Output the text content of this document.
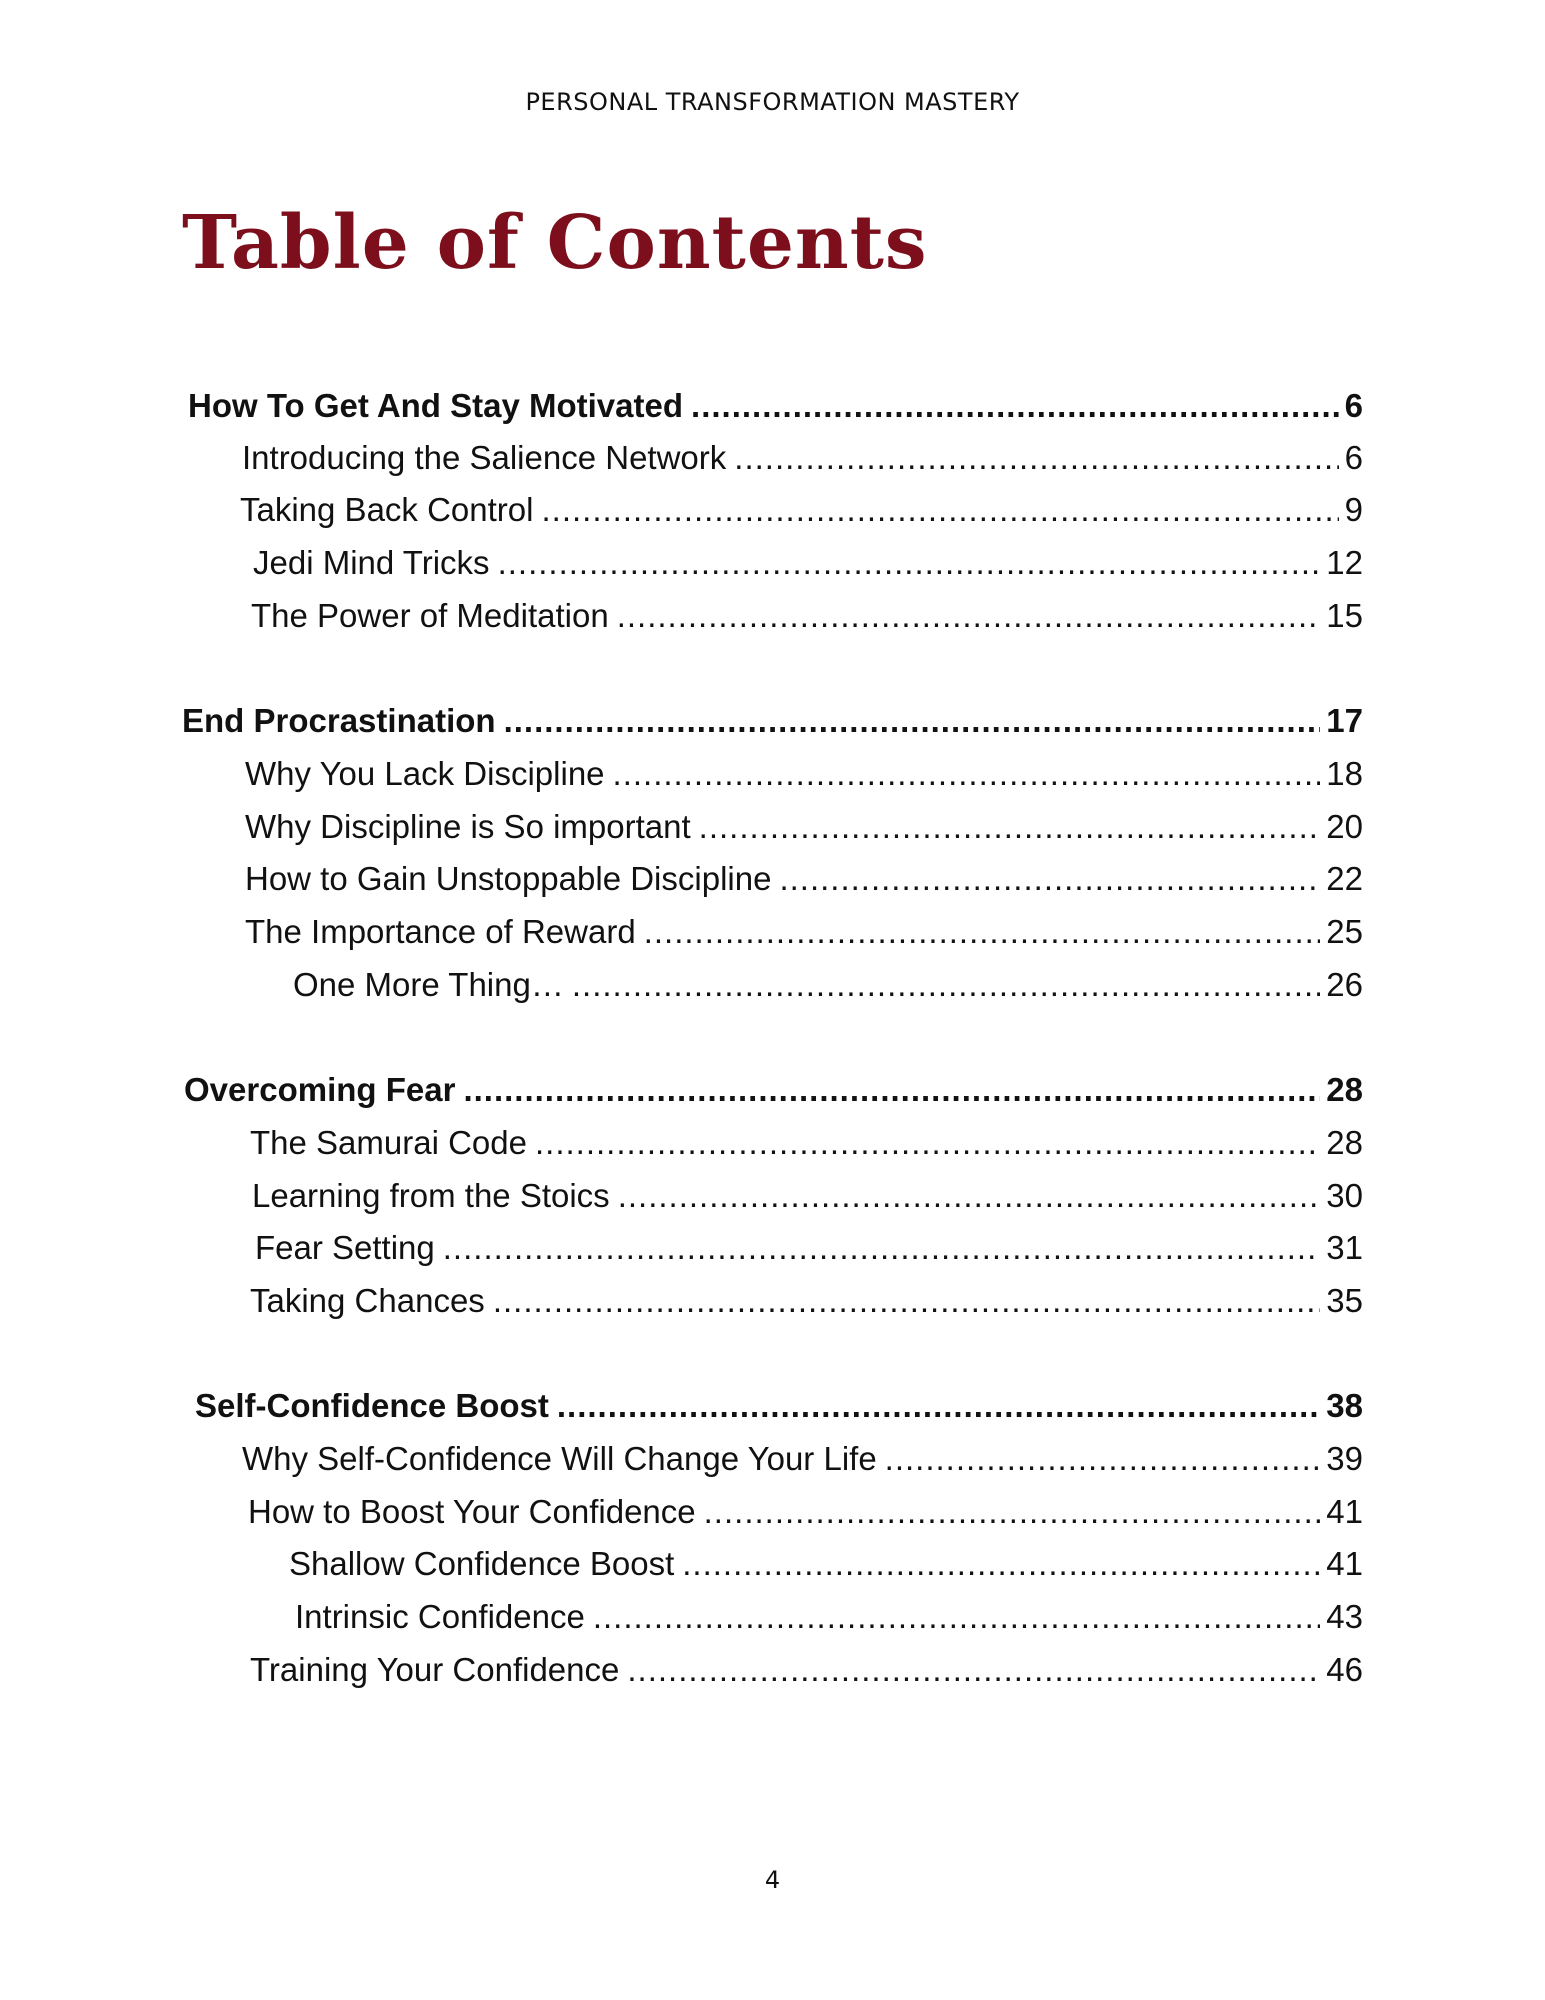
PERSONAL TRANSFORMATION MASTERY
Table of Contents
How To Get And Stay Motivated .....	6
Introducing the Salience Network .....	6
Taking Back Control .....	9
Jedi Mind Tricks .....	12
The Power of Meditation .....	15
End Procrastination .....	17
Why You Lack Discipline .....	18
Why Discipline is So important .....	20
How to Gain Unstoppable Discipline .....	22
The Importance of Reward .....	25
One More Thing… .....	26
Overcoming Fear .....	28
The Samurai Code .....	28
Learning from the Stoics .....	30
Fear Setting .....	31
Taking Chances .....	35
Self-Confidence Boost .....	38
Why Self-Confidence Will Change Your Life .....	39
How to Boost Your Confidence .....	41
Shallow Confidence Boost .....	41
Intrinsic Confidence .....	43
Training Your Confidence .....	46
4
